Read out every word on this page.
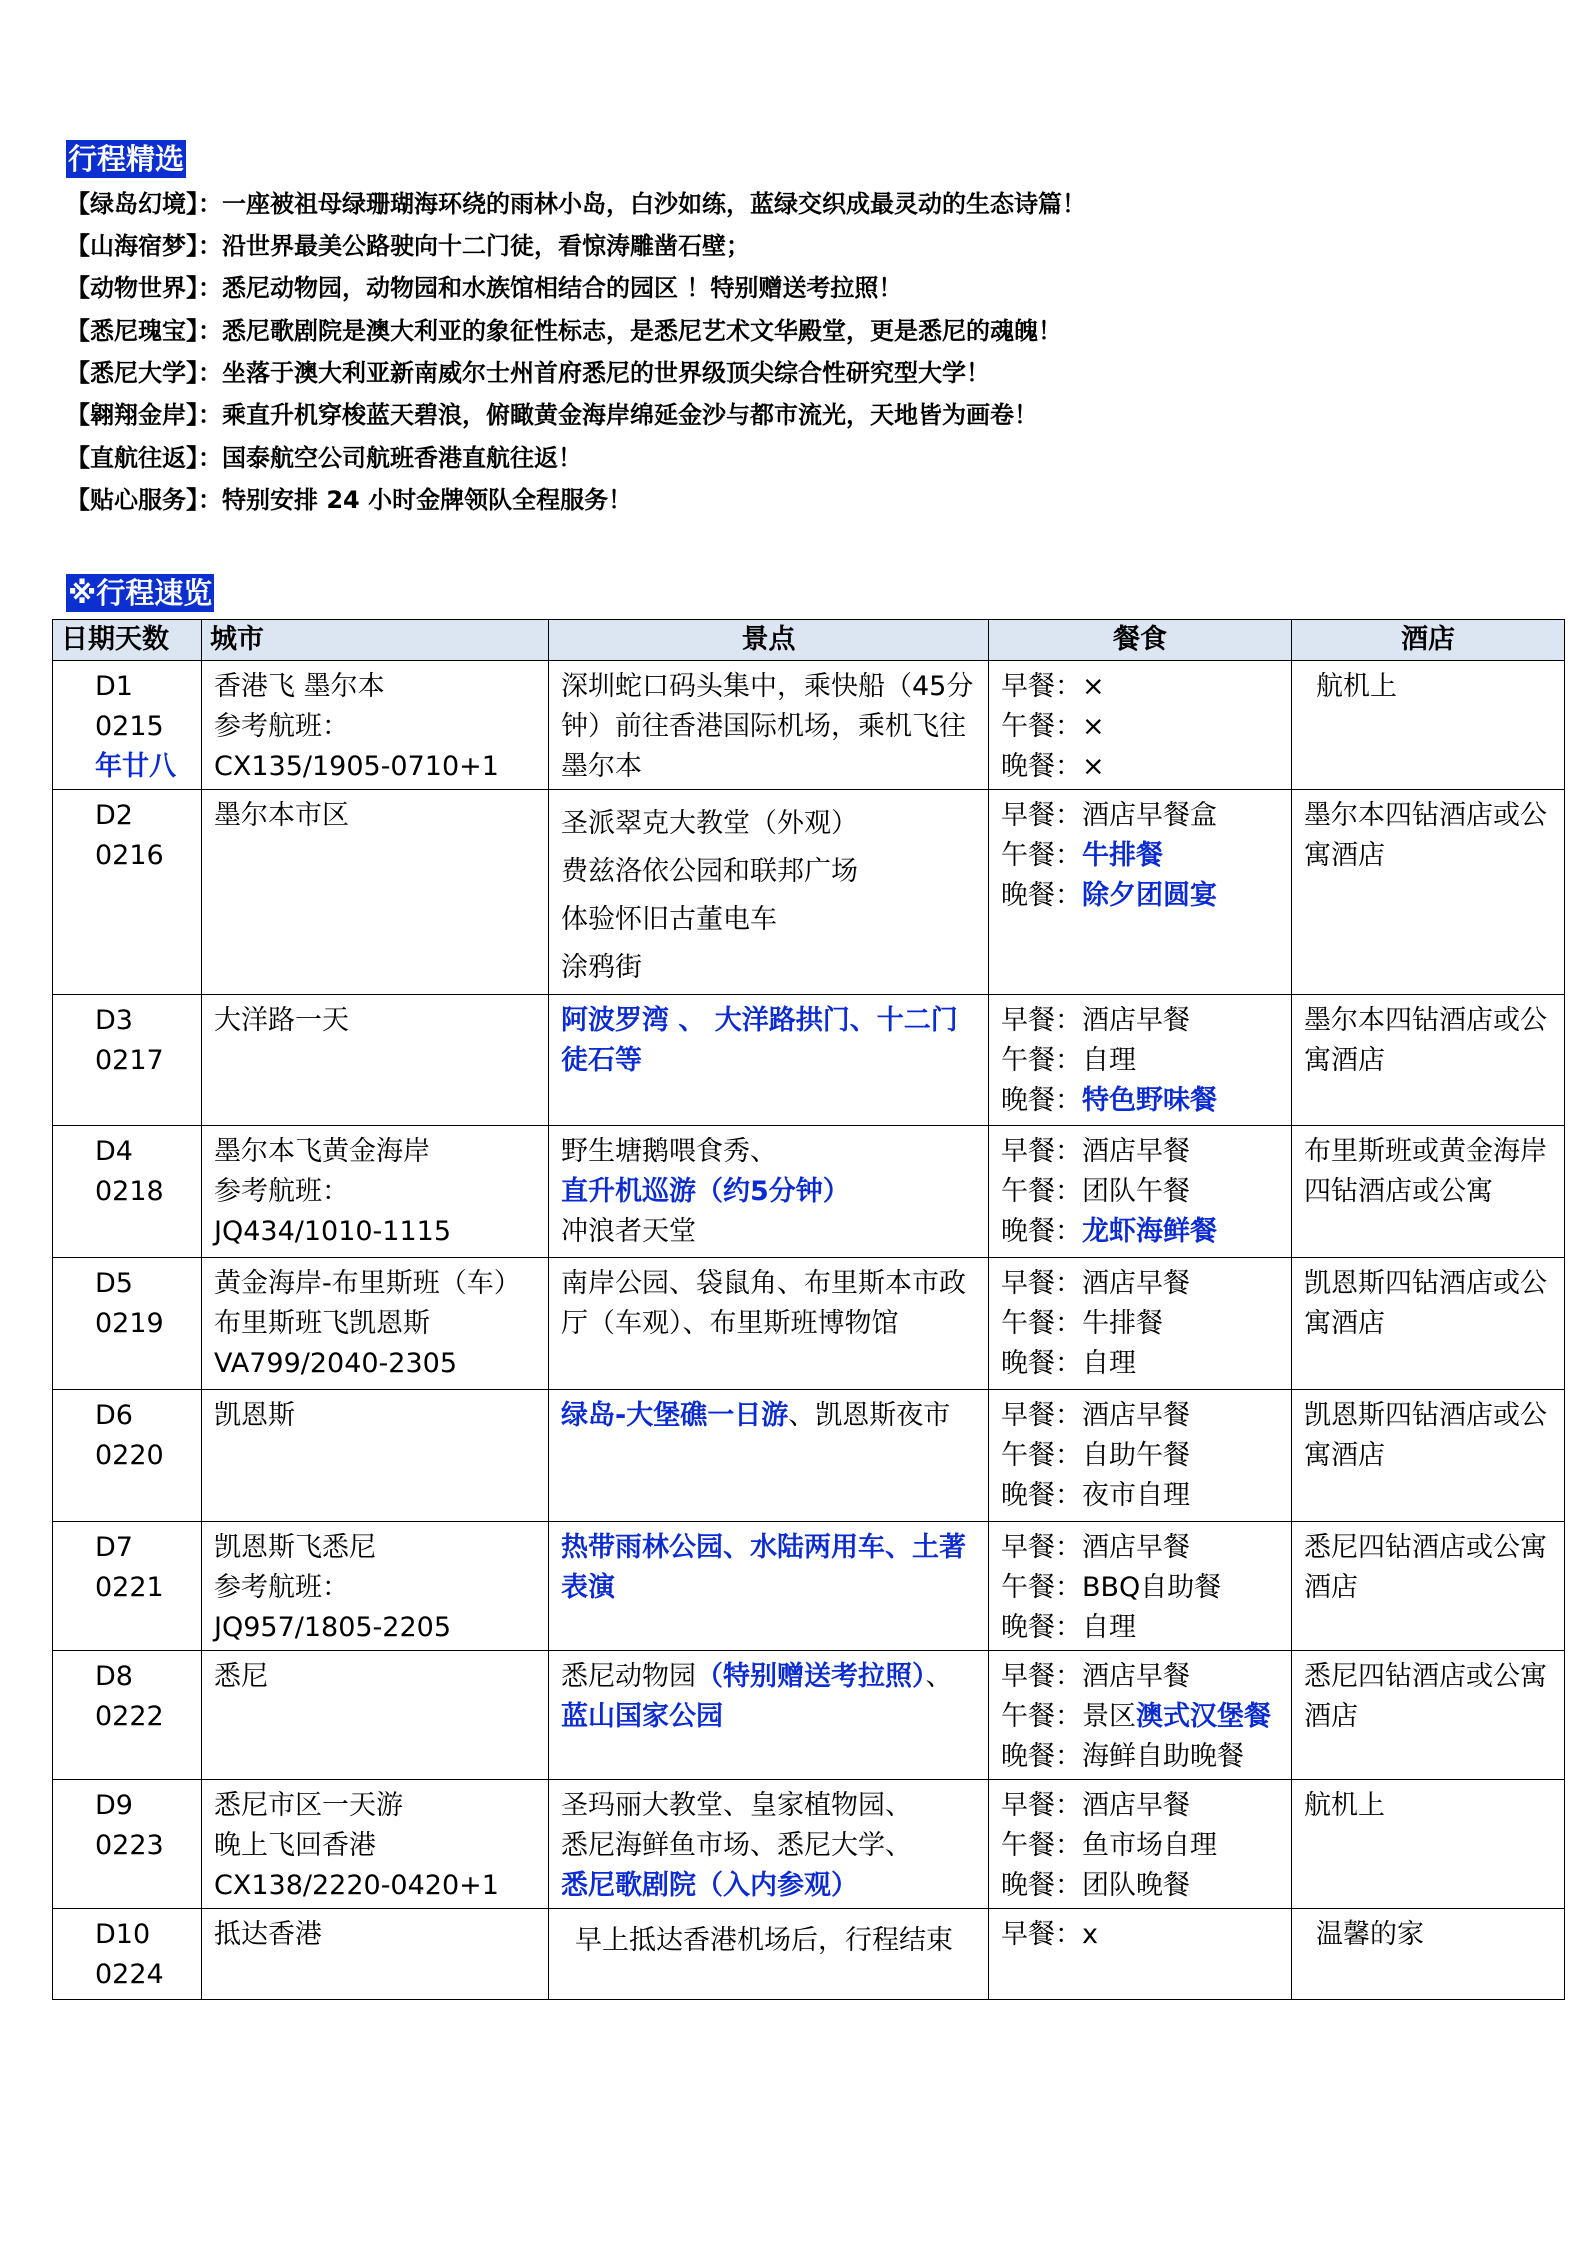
行程精选
【绿岛幻境】：一座被祖母绿珊瑚海环绕的雨林小岛，白沙如练，蓝绿交织成最灵动的生态诗篇！
【山海宿梦】：沿世界最美公路驶向十二门徒，看惊涛雕凿石壁；
【动物世界】：悉尼动物园，动物园和水族馆相结合的园区 ！特别赠送考拉照！
【悉尼瑰宝】：悉尼歌剧院是澳大利亚的象征性标志，是悉尼艺术文华殿堂，更是悉尼的魂魄！
【悉尼大学】：坐落于澳大利亚新南威尔士州首府悉尼的世界级顶尖综合性研究型大学！
【翱翔金岸】：乘直升机穿梭蓝天碧浪，俯瞰黄金海岸绵延金沙与都市流光，天地皆为画卷！
【直航往返】：国泰航空公司航班香港直航往返！
【贴心服务】：特别安排 24 小时金牌领队全程服务！
※行程速览
日期天数	城市	景点	餐食	酒店

D1
0215
年廿八	香港飞 墨尔本
参考航班：
CX135/1905-0710+1	深圳蛇口码头集中，乘快船（45分钟）前往香港国际机场，乘机飞往墨尔本	早餐：×
午餐：×
晚餐：×	航机上

D2
0216	墨尔本市区	圣派翠克大教堂（外观）
费兹洛依公园和联邦广场
体验怀旧古董电车
涂鸦街	早餐：酒店早餐盒
午餐：牛排餐
晚餐：除夕团圆宴	墨尔本四钻酒店或公寓酒店

D3
0217	大洋路一天	阿波罗湾 、 大洋路拱门、十二门徒石等	早餐：酒店早餐
午餐：自理
晚餐：特色野味餐	墨尔本四钻酒店或公寓酒店

D4
0218	墨尔本飞黄金海岸
参考航班：
JQ434/1010-1115	野生塘鹅喂食秀、
直升机巡游（约5分钟）
冲浪者天堂	早餐：酒店早餐
午餐：团队午餐
晚餐：龙虾海鲜餐	布里斯班或黄金海岸四钻酒店或公寓

D5
0219	黄金海岸-布里斯班（车）
布里斯班飞凯恩斯
VA799/2040-2305	南岸公园、袋鼠角、布里斯本市政厅（车观）、布里斯班博物馆	早餐：酒店早餐
午餐：牛排餐
晚餐：自理	凯恩斯四钻酒店或公寓酒店

D6
0220	凯恩斯	绿岛-大堡礁一日游、凯恩斯夜市	早餐：酒店早餐
午餐：自助午餐
晚餐：夜市自理	凯恩斯四钻酒店或公寓酒店

D7
0221	凯恩斯飞悉尼
参考航班：
JQ957/1805-2205	热带雨林公园、水陆两用车、土著表演	早餐：酒店早餐
午餐：BBQ自助餐
晚餐：自理	悉尼四钻酒店或公寓酒店

D8
0222	悉尼	悉尼动物园（特别赠送考拉照）、
蓝山国家公园	早餐：酒店早餐
午餐：景区澳式汉堡餐
晚餐：海鲜自助晚餐	悉尼四钻酒店或公寓酒店

D9
0223	悉尼市区一天游
晚上飞回香港
CX138/2220-0420+1	圣玛丽大教堂、皇家植物园、
悉尼海鲜鱼市场、悉尼大学、
悉尼歌剧院（入内参观）	早餐：酒店早餐
午餐：鱼市场自理
晚餐：团队晚餐	航机上

D10
0224	抵达香港	早上抵达香港机场后，行程结束	早餐：x	温馨的家
